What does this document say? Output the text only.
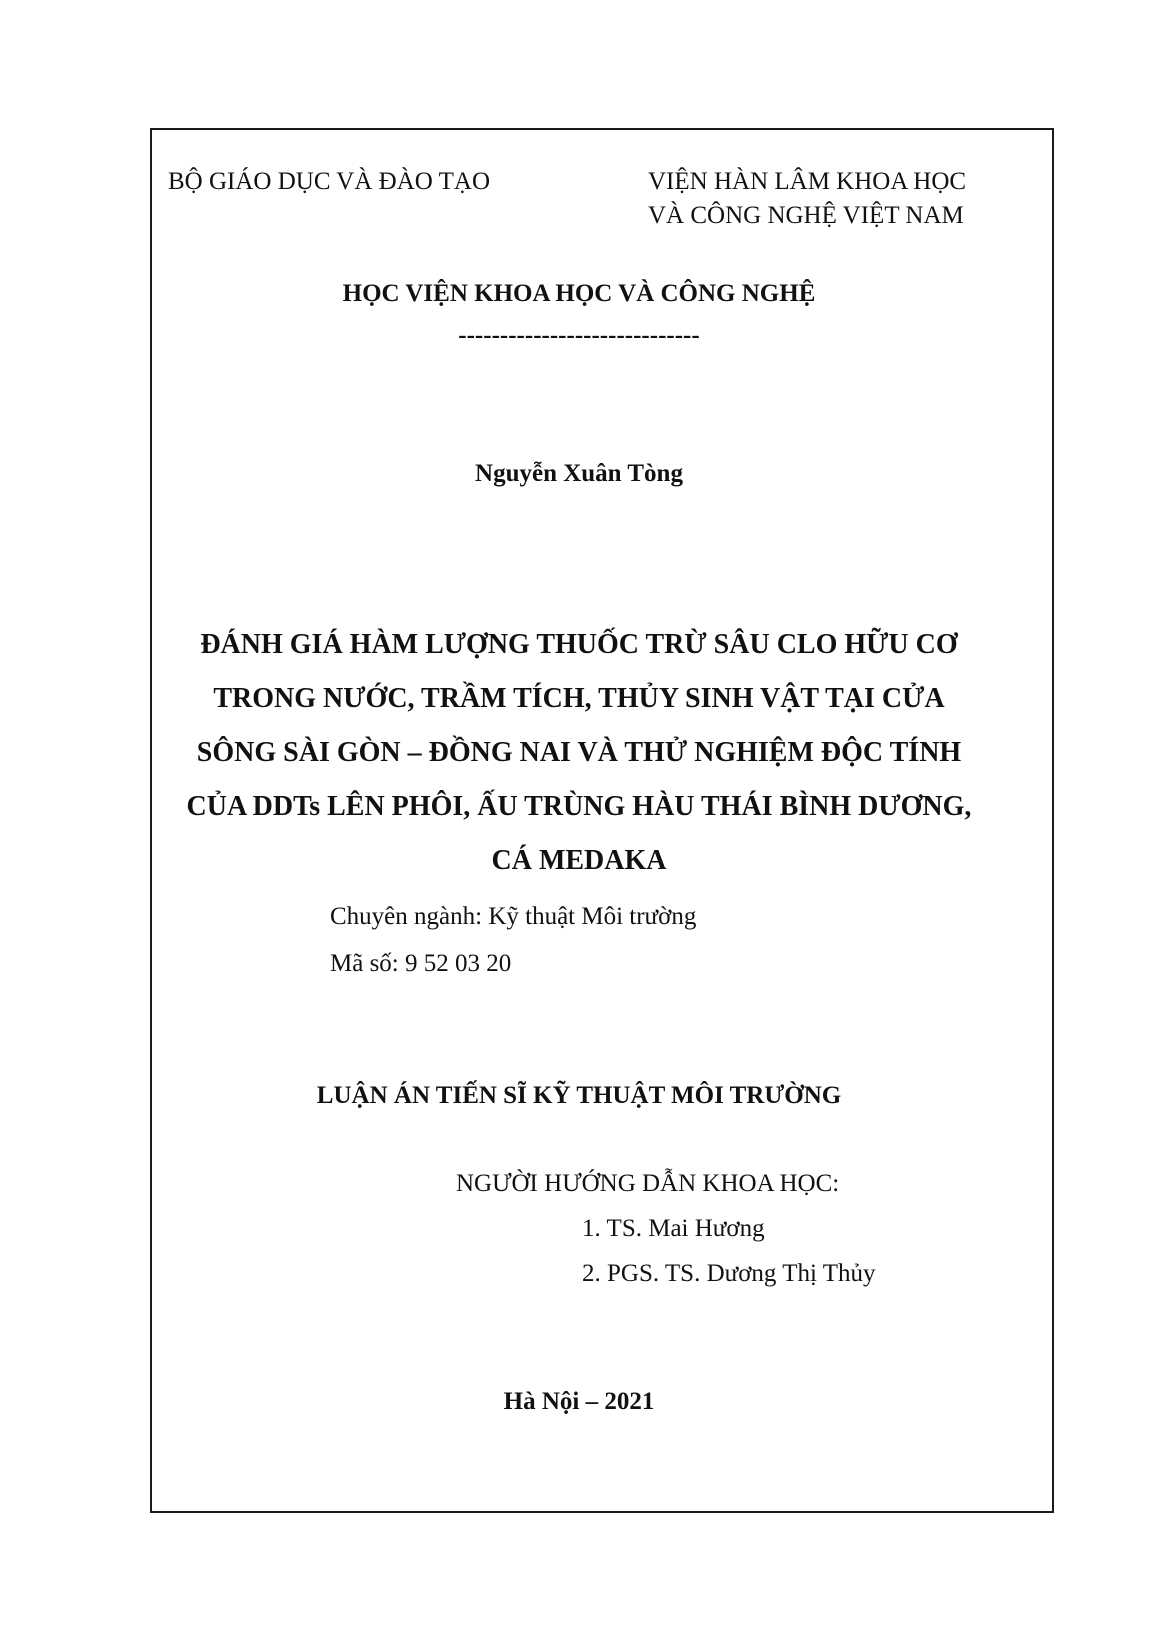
BỘ GIÁO DỤC VÀ ĐÀO TẠO	VIỆN HÀN LÂM KHOA HỌC
VÀ CÔNG NGHỆ VIỆT NAM
HỌC VIỆN KHOA HỌC VÀ CÔNG NGHỆ
-----------------------------
Nguyễn Xuân Tòng
ĐÁNH GIÁ HÀM LƯỢNG THUỐC TRỪ SÂU CLO HỮU CƠ
TRONG NƯỚC, TRẦM TÍCH, THỦY SINH VẬT TẠI CỬA
SÔNG SÀI GÒN – ĐỒNG NAI VÀ THỬ NGHIỆM ĐỘC TÍNH
CỦA DDTs LÊN PHÔI, ẤU TRÙNG HÀU THÁI BÌNH DƯƠNG,
CÁ MEDAKA
Chuyên ngành: Kỹ thuật Môi trường
Mã số: 9 52 03 20
LUẬN ÁN TIẾN SĨ KỸ THUẬT MÔI TRƯỜNG
NGƯỜI HƯỚNG DẪN KHOA HỌC:
1. TS. Mai Hương
2. PGS. TS. Dương Thị Thủy
Hà Nội – 2021
